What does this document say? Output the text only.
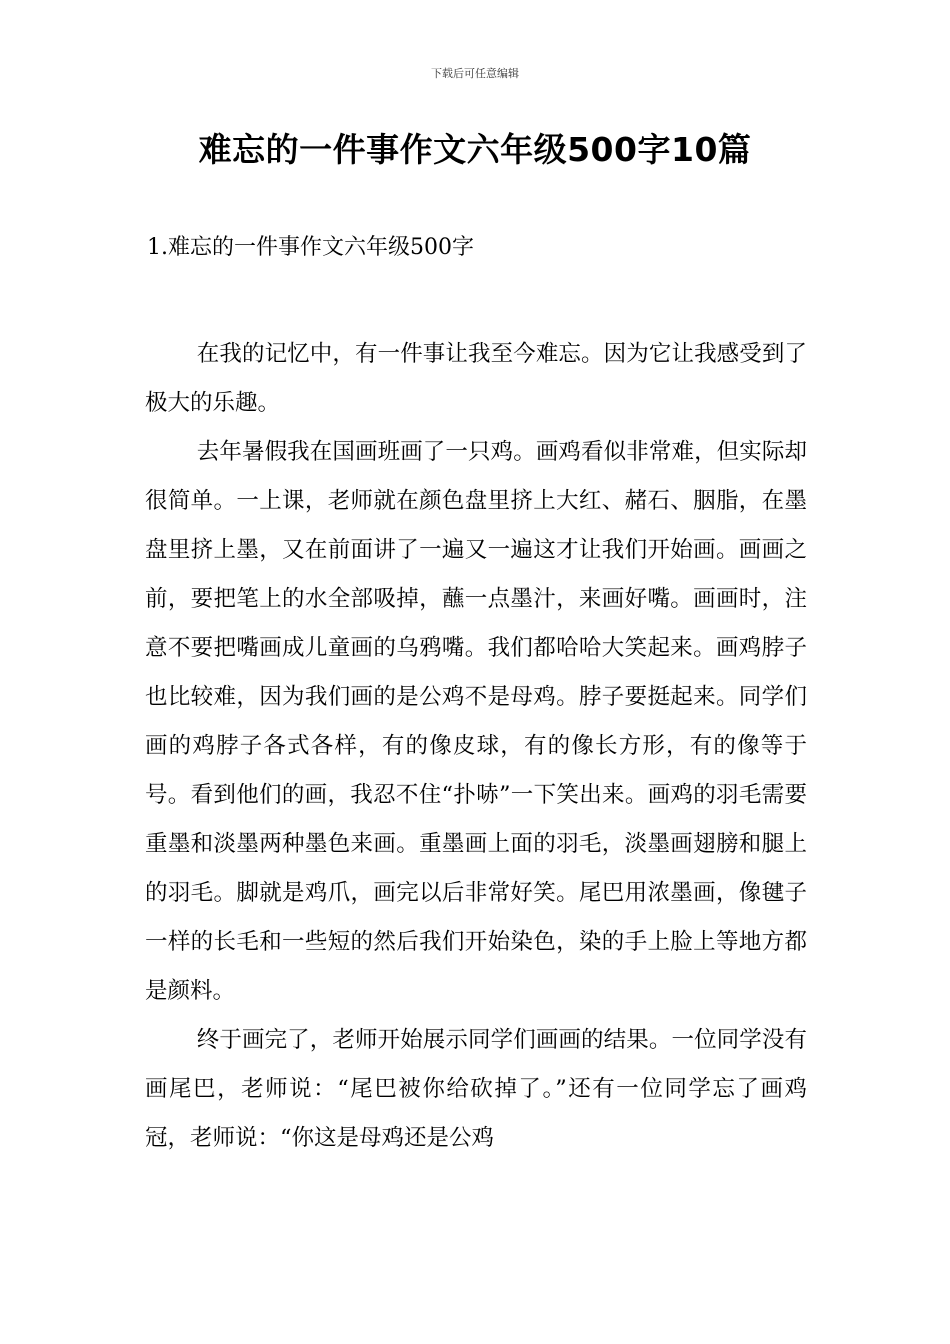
下载后可任意编辑
难忘的一件事作文六年级500字10篇
1.难忘的一件事作文六年级500字

在我的记忆中，有一件事让我至今难忘。因为它让我感受到了极大的乐趣。

去年暑假我在国画班画了一只鸡。画鸡看似非常难，但实际却很简单。一上课，老师就在颜色盘里挤上大红、赭石、胭脂，在墨盘里挤上墨，又在前面讲了一遍又一遍这才让我们开始画。画画之前，要把笔上的水全部吸掉，蘸一点墨汁，来画好嘴。画画时，注意不要把嘴画成儿童画的乌鸦嘴。我们都哈哈大笑起来。画鸡脖子也比较难，因为我们画的是公鸡不是母鸡。脖子要挺起来。同学们画的鸡脖子各式各样，有的像皮球，有的像长方形，有的像等于号。看到他们的画，我忍不住“扑哧”一下笑出来。画鸡的羽毛需要重墨和淡墨两种墨色来画。重墨画上面的羽毛，淡墨画翅膀和腿上的羽毛。脚就是鸡爪，画完以后非常好笑。尾巴用浓墨画，像毽子一样的长毛和一些短的然后我们开始染色，染的手上脸上等地方都是颜料。

终于画完了，老师开始展示同学们画画的结果。一位同学没有画尾巴，老师说：“尾巴被你给砍掉了。”还有一位同学忘了画鸡冠，老师说：“你这是母鸡还是公鸡
